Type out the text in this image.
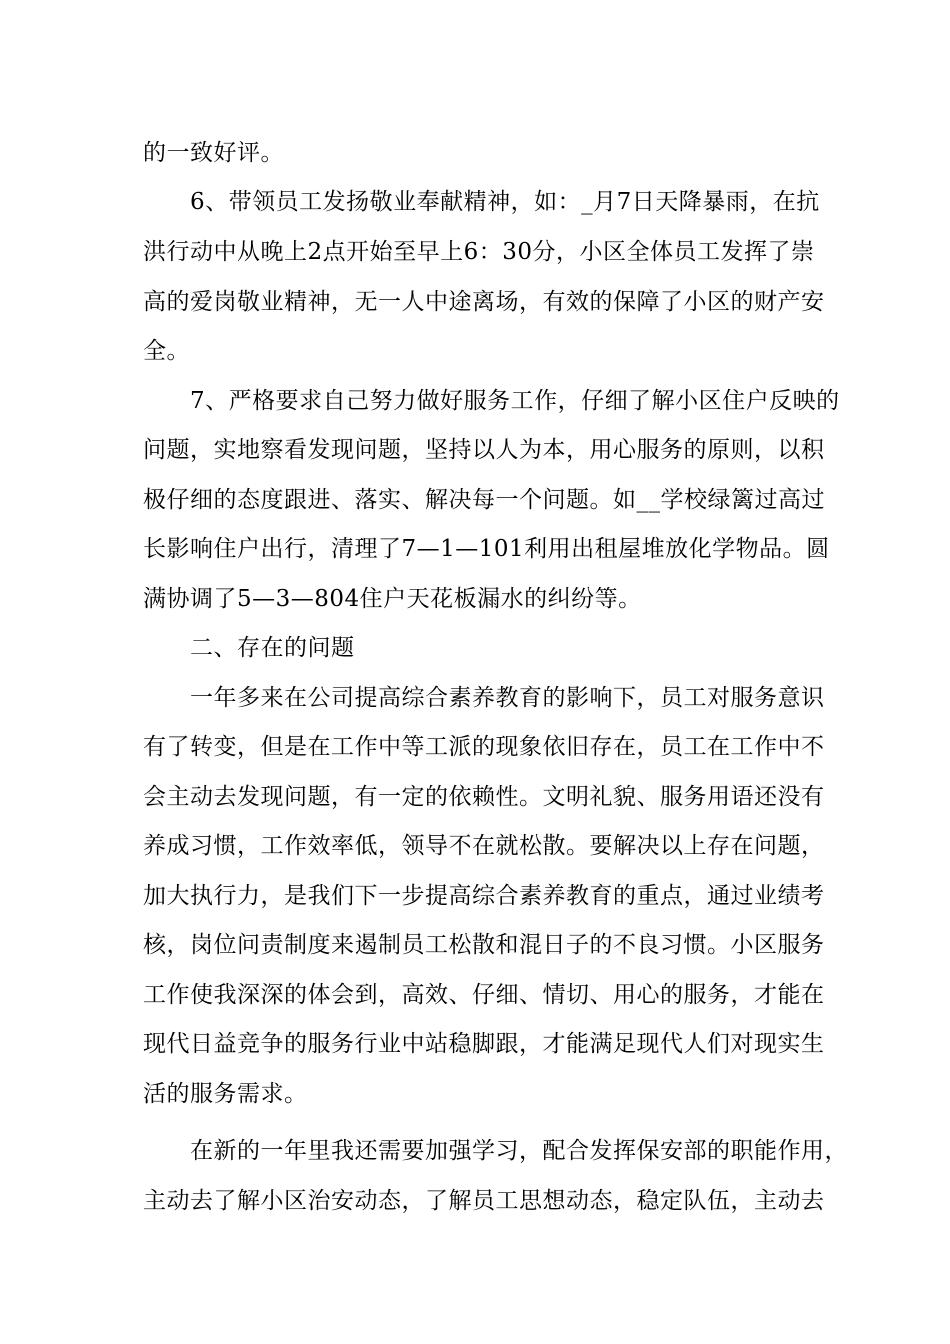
的一致好评。
6、带领员工发扬敬业奉献精神，如：_月7日天降暴雨，在抗
洪行动中从晚上2点开始至早上6：30分，小区全体员工发挥了崇
高的爱岗敬业精神，无一人中途离场，有效的保障了小区的财产安
全。
7、严格要求自己努力做好服务工作，仔细了解小区住户反映的
问题，实地察看发现问题，坚持以人为本，用心服务的原则，以积
极仔细的态度跟进、落实、解决每一个问题。如__学校绿篱过高过
长影响住户出行，清理了7—1—101利用出租屋堆放化学物品。圆
满协调了5—3—804住户天花板漏水的纠纷等。
二、存在的问题
一年多来在公司提高综合素养教育的影响下，员工对服务意识
有了转变，但是在工作中等工派的现象依旧存在，员工在工作中不
会主动去发现问题，有一定的依赖性。文明礼貌、服务用语还没有
养成习惯，工作效率低，领导不在就松散。要解决以上存在问题，
加大执行力，是我们下一步提高综合素养教育的重点，通过业绩考
核，岗位问责制度来遏制员工松散和混日子的不良习惯。小区服务
工作使我深深的体会到，高效、仔细、情切、用心的服务，才能在
现代日益竞争的服务行业中站稳脚跟，才能满足现代人们对现实生
活的服务需求。
在新的一年里我还需要加强学习，配合发挥保安部的职能作用，
主动去了解小区治安动态，了解员工思想动态，稳定队伍，主动去
